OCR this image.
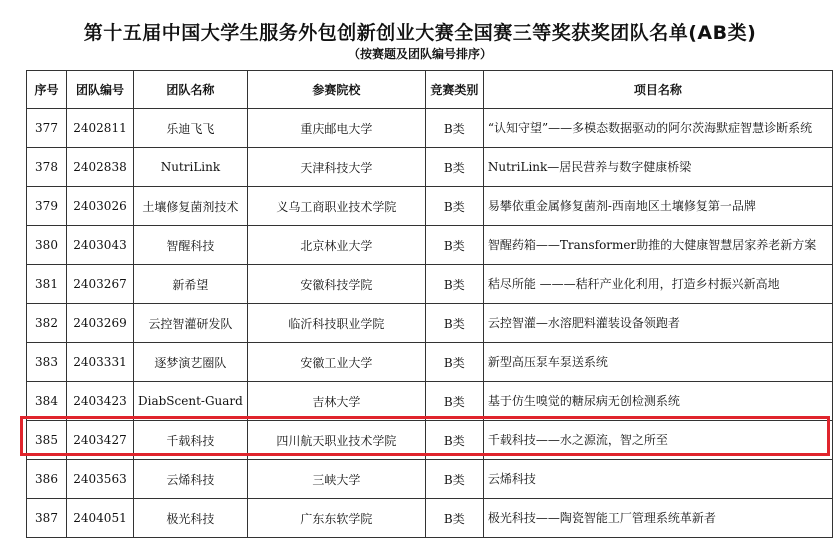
第十五届中国大学生服务外包创新创业大赛全国赛三等奖获奖团队名单(AB类)
（按赛题及团队编号排序）
序号	团队编号	团队名称	参赛院校	竞赛类别	项目名称
377	2402811	乐迪飞飞	重庆邮电大学	B类	“认知守望”——多模态数据驱动的阿尔茨海默症智慧诊断系统
378	2402838	NutriLink	天津科技大学	B类	NutriLink—居民营养与数字健康桥梁
379	2403026	土壤修复菌剂技术	义乌工商职业技术学院	B类	易攀依重金属修复菌剂-西南地区土壤修复第一品牌
380	2403043	智醒科技	北京林业大学	B类	智醒药箱——Transformer助推的大健康智慧居家养老新方案
381	2403267	新希望	安徽科技学院	B类	秸尽所能 ———秸秆产业化利用，打造乡村振兴新高地
382	2403269	云控智灌研发队	临沂科技职业学院	B类	云控智灌—水溶肥料灌装设备领跑者
383	2403331	逐梦演艺圈队	安徽工业大学	B类	新型高压泵车泵送系统
384	2403423	DiabScent-Guard	吉林大学	B类	基于仿生嗅觉的糖尿病无创检测系统
385	2403427	千载科技	四川航天职业技术学院	B类	千载科技——水之源流，智之所至
386	2403563	云烯科技	三峡大学	B类	云烯科技
387	2404051	极光科技	广东东软学院	B类	极光科技——陶瓷智能工厂管理系统革新者
